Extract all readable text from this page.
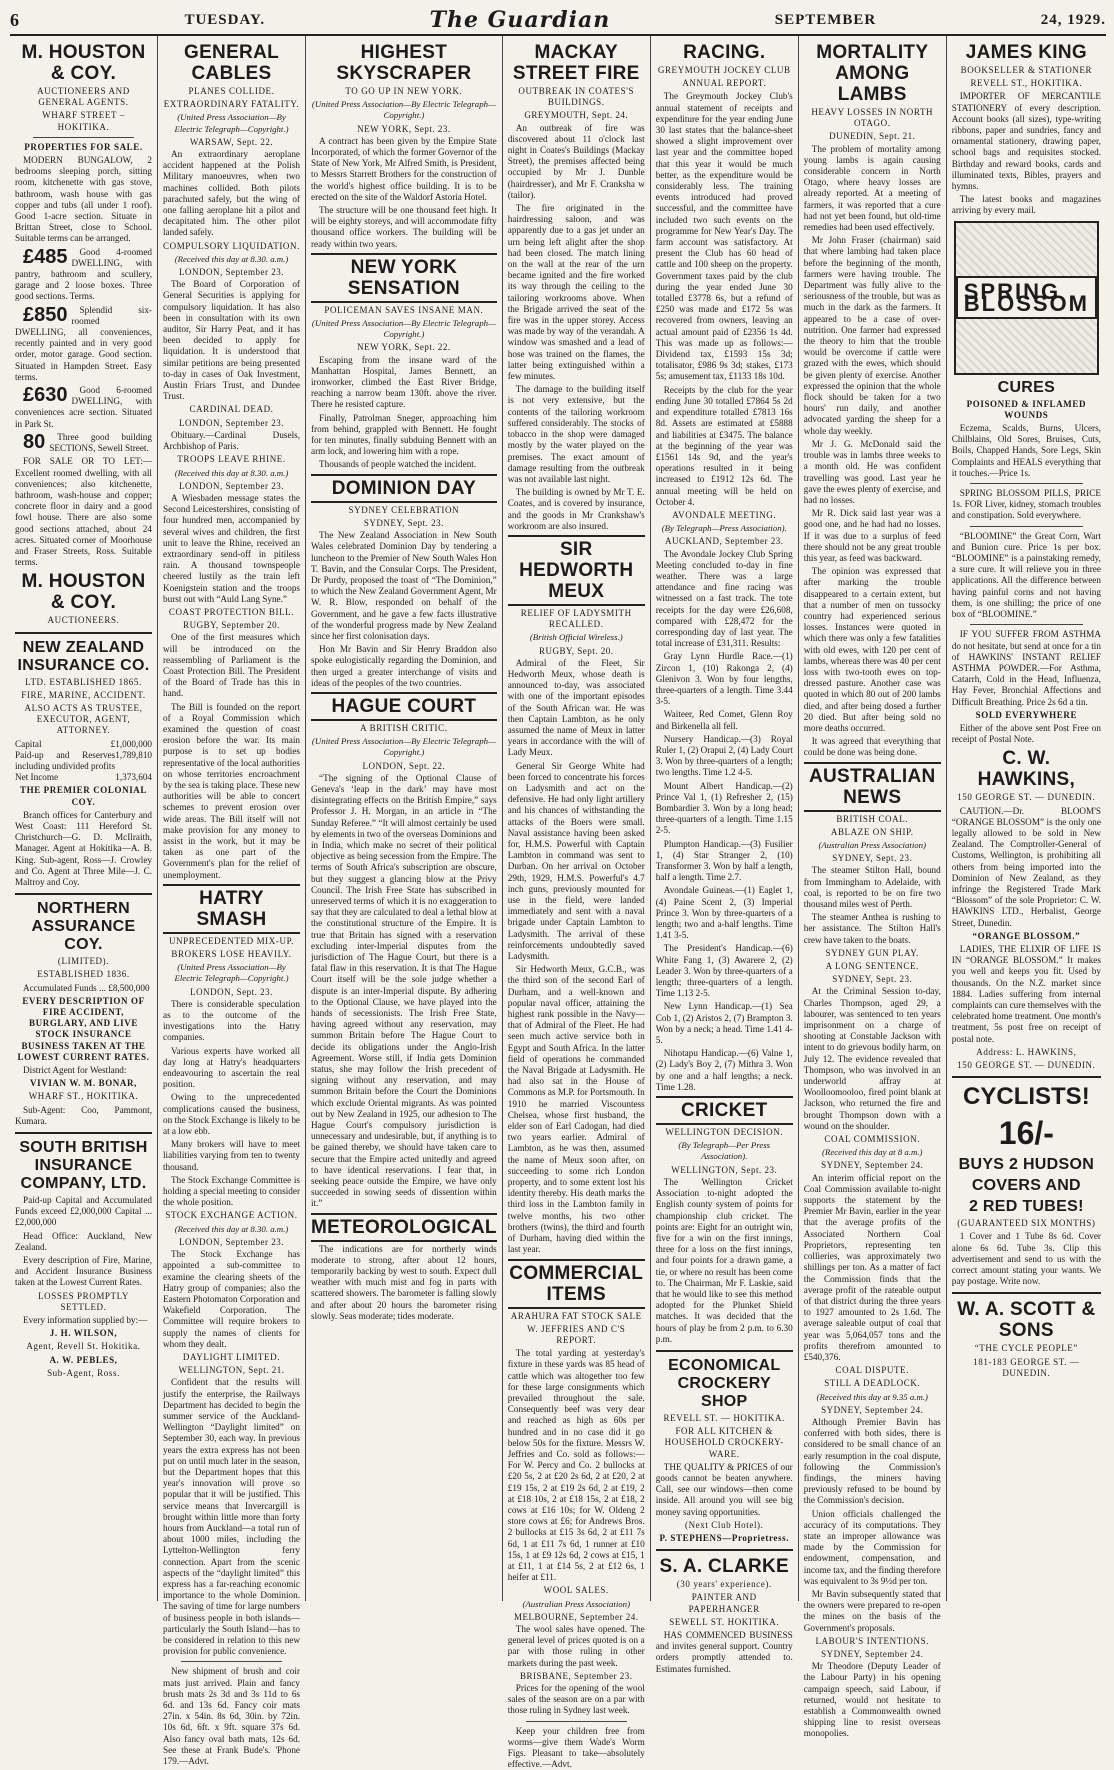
6	TUESDAY.	The Guardian	SEPTEMBER	24, 1929.
M. HOUSTON & COY.
AUCTIONEERS AND GENERAL AGENTS.
WHARF STREET – HOKITIKA.
PROPERTIES FOR SALE.

MODERN BUNGALOW, 2 bedrooms sleeping porch, sitting room, kitchenette with gas stove, bathroom, wash house with gas copper and tubs (all under 1 roof). Good 1-acre section. Situate in Brittan Street, close to School. Suitable terms can be arranged.

£485 Good 4-roomed DWELLING, with pantry, bathroom and scullery, garage and 2 loose boxes. Three good sections. Terms.

£850 Splendid six-roomed DWELLING, all conveniences, recently painted and in very good order, motor garage. Good section. Situated in Hampden Street. Easy terms.

£630 Good 6-roomed DWELLING, with conveniences acre section. Situated in Park St.

80 Three good building SECTIONS, Sewell Street.

FOR SALE OR TO LET:—Excellent roomed dwelling, with all conveniences; also kitchenette, bathroom, wash-house and copper; concrete floor in dairy and a good fowl house. There are also some good sections attached, about 24 acres. Situated corner of Moorhouse and Fraser Streets, Ross. Suitable terms.

M. HOUSTON & COY.
AUCTIONEERS.
NEW ZEALAND INSURANCE CO.
LTD. ESTABLISHED 1865.
FIRE, MARINE, ACCIDENT.
ALSO ACTS AS TRUSTEE, EXECUTOR, AGENT, ATTORNEY.
Capital	£1,000,000
Paid-up and Reserves including undivided profits
1,789,810
Net Income	1,373,604
THE PREMIER COLONIAL COY.

Branch offices for Canterbury and West Coast: 111 Hereford St. Christchurch—G. D. McIlraith, Manager. Agent at Hokitika—A. B. King. Sub-agent, Ross—J. Crowley and Co. Agent at Three Mile—J. C. Maltroy and Coy.

NORTHERN ASSURANCE COY.
(LIMITED).
ESTABLISHED 1836.

Accumulated Funds ... £8,500,000

EVERY DESCRIPTION OF FIRE ACCIDENT, BURGLARY, AND LIVE STOCK INSURANCE BUSINESS TAKEN AT THE LOWEST CURRENT RATES.

District Agent for Westland:

VIVIAN W. M. BONAR,
WHARF ST., HOKITIKA.

Sub-Agent: Coo, Pammont, Kumara.

SOUTH BRITISH INSURANCE COMPANY, LTD.

Paid-up Capital and Accumulated Funds exceed £2,000,000 Capital ... £2,000,000

Head Office: Auckland, New Zealand.

Every description of Fire, Marine, and Accident Insurance Business taken at the Lowest Current Rates.

LOSSES PROMPTLY SETTLED.

Every information supplied by:—

J. H. WILSON,
Agent, Revell St. Hokitika.
A. W. PEBLES,
Sub-Agent, Ross.
GENERAL CABLES
PLANES COLLIDE.
EXTRAORDINARY FATALITY.
(United Press Association—By Electric Telegraph—Copyright.)
WARSAW, Sept. 22.

An extraordinary aeroplane accident happened at the Polish Military manoeuvres, when two machines collided. Both pilots parachuted safely, but the wing of one falling aeroplane hit a pilot and decapitated him. The other pilot landed safely.

COMPULSORY LIQUIDATION.
(Received this day at 8.30. a.m.)
LONDON, September 23.

The Board of Corporation of General Securities is applying for compulsory liquidation. It has also been in consultation with its own auditor, Sir Harry Peat, and it has been decided to apply for liquidation. It is understood that similar petitions are being presented to-day in cases of Oak Investment, Austin Friars Trust, and Dundee Trust.

CARDINAL DEAD.
LONDON, September 23.

Obituary.—Cardinal Dusels, Archbishop of Paris.

TROOPS LEAVE RHINE.
(Received this day at 8.30. a.m.)
LONDON, September 23.

A Wiesbaden message states the Second Leicestershires, consisting of four hundred men, accompanied by several wives and children, the first unit to leave the Rhine, received an extraordinary send-off in pitiless rain. A thousand townspeople cheered lustily as the train left Koenigstein station and the troops burst out with “Auld Lang Syne.”

COAST PROTECTION BILL.
RUGBY, September 20.

One of the first measures which will be introduced on the reassembling of Parliament is the Coast Protection Bill. The President of the Board of Trade has this in hand.

The Bill is founded on the report of a Royal Commission which examined the question of coast erosion before the war. Its main purpose is to set up bodies representative of the local authorities on whose territories encroachment by the sea is taking place. These new authorities will be able to concert schemes to prevent erosion over wide areas. The Bill itself will not make provision for any money to assist in the work, but it may be taken as one part of the Government's plan for the relief of unemployment.

HATRY SMASH
UNPRECEDENTED MIX-UP.
BROKERS LOSE HEAVILY.
(United Press Association—By Electric Telegraph—Copyright.)
LONDON, Sept. 23.

There is considerable speculation as to the outcome of the investigations into the Hatry companies.

Various experts have worked all day long at Hatry's headquarters endeavouring to ascertain the real position.

Owing to the unprecedented complications caused the business, on the Stock Exchange is likely to be at a low ebb.

Many brokers will have to meet liabilities varying from ten to twenty thousand.

The Stock Exchange Committee is holding a special meeting to consider the whole position.

STOCK EXCHANGE ACTION.
(Received this day at 8.30. a.m.)
LONDON, September 23.

The Stock Exchange has appointed a sub-committee to examine the clearing sheets of the Hatry group of companies; also the Eastern Photomaton Corporation and Wakefield Corporation. The Committee will require brokers to supply the names of clients for whom they dealt.

DAYLIGHT LIMITED.
WELLINGTON, Sept. 21.

Confident that the results will justify the enterprise, the Railways Department has decided to begin the summer service of the Auckland-Wellington “Daylight limited” on September 30, each way. In previous years the extra express has not been put on until much later in the season, but the Department hopes that this year's innovation will prove so popular that it will be justified. This service means that Invercargill is brought within little more than forty hours from Auckland—a total run of about 1000 miles, including the Lyttelton-Wellington ferry connection. Apart from the scenic aspects of the “daylight limited” this express has a far-reaching economic importance to the whole Dominion. The saving of time for large numbers of business people in both islands—particularly the South Island—has to be considered in relation to this new provision for public convenience.

New shipment of brush and coir mats just arrived. Plain and fancy brush mats 2s 3d and 3s 11d to 6s 6d. and 13s 6d. Fancy coir mats 27in. x 54in. 8s 6d, 30in. by 72in. 10s 6d, 6ft. x 9ft. square 37s 6d. Also fancy oval bath mats, 12s 6d. See these at Frank Bude's. 'Phone 179.—Advt.

HIGHEST SKYSCRAPER
TO GO UP IN NEW YORK.
(United Press Association—By Electric Telegraph—Copyright.)
NEW YORK, Sept. 23.

A contract has been given by the Empire State Incorporated, of which the former Governor of the State of New York, Mr Alfred Smith, is President, to Messrs Starrett Brothers for the construction of the world's highest office building. It is to be erected on the site of the Waldorf Astoria Hotel.

The structure will be one thousand feet high. It will be eighty storeys, and will accommodate fifty thousand office workers. The building will be ready within two years.

NEW YORK SENSATION
POLICEMAN SAVES INSANE MAN.
(United Press Association—By Electric Telegraph—Copyright.)
NEW YORK, Sept. 22.

Escaping from the insane ward of the Manhattan Hospital, James Bennett, an ironworker, climbed the East River Bridge, reaching a narrow beam 130ft. above the river. There he resisted capture.

Finally, Patrolman Sneger, approaching him from behind, grappled with Bennett. He fought for ten minutes, finally subduing Bennett with an arm lock, and lowering him with a rope.

Thousands of people watched the incident.

DOMINION DAY
SYDNEY CELEBRATION
SYDNEY, Sept. 23.

The New Zealand Association in New South Wales celebrated Dominion Day by tendering a luncheon to the Premier of New South Wales Hon T. Bavin, and the Consular Corps. The President, Dr Purdy, proposed the toast of “The Dominion,” to which the New Zealand Government Agent, Mr W. R. Blow, responded on behalf of the Government, and he gave a few facts illustrative of the wonderful progress made by New Zealand since her first colonisation days.

Hon Mr Bavin and Sir Henry Braddon also spoke eulogistically regarding the Dominion, and then urged a greater interchange of visits and ideas of the peoples of the two countries.

HAGUE COURT
A BRITISH CRITIC.
(United Press Association—By Electric Telegraph—Copyright.)
LONDON, Sept. 22.

“The signing of the Optional Clause of Geneva's ‘leap in the dark’ may have most disintegrating effects on the British Empire,” says Professor J. H. Morgan, in an article in “The Sunday Referee.” “It will almost certainly be used by elements in two of the overseas Dominions and in India, which make no secret of their political objective as being secession from the Empire. The terms of South Africa's subscription are obscure, but they suggest a glancing blow at the Privy Council. The Irish Free State has subscribed in unreserved terms of which it is no exaggeration to say that they are calculated to deal a lethal blow at the constitutional structure of the Empire. It is true that Britain has signed with a reservation excluding inter-Imperial disputes from the jurisdiction of The Hague Court, but there is a fatal flaw in this reservation. It is that The Hague Court itself will be the sole judge whether a dispute is an inter-Imperial dispute. By adhering to the Optional Clause, we have played into the hands of secessionists. The Irish Free State, having agreed without any reservation, may summon Britain before The Hague Court to decide its obligations under the Anglo-Irish Agreement. Worse still, if India gets Dominion status, she may follow the Irish precedent of signing without any reservation, and may summon Britain before the Court the Dominions which exclude Oriental migrants. As was pointed out by New Zealand in 1925, our adhesion to The Hague Court's compulsory jurisdiction is unnecessary and undesirable, but, if anything is to be gained thereby, we should have taken care to secure that the Empire acted unitedly and agreed to have identical reservations. I fear that, in seeking peace outside the Empire, we have only succeeded in sowing seeds of dissention within it.”

METEOROLOGICAL

The indications are for northerly winds moderate to strong, after about 12 hours, temporarily backing by west to south. Expect dull weather with much mist and fog in parts with scattered showers. The barometer is falling slowly and after about 20 hours the barometer rising slowly. Seas moderate; tides moderate.

MACKAY STREET FIRE
OUTBREAK IN COATES'S BUILDINGS.
GREYMOUTH, Sept. 24.

An outbreak of fire was discovered about 11 o'clock last night in Coates's Buildings (Mackay Street), the premises affected being occupied by Mr J. Dunble (hairdresser), and Mr F. Cranksha w (tailor).

The fire originated in the hairdressing saloon, and was apparently due to a gas jet under an urn being left alight after the shop had been closed. The match lining on the wall at the rear of the urn became ignited and the fire worked its way through the ceiling to the tailoring workrooms above. When the Brigade arrived the seat of the fire was in the upper storey. Access was made by way of the verandah. A window was smashed and a lead of hose was trained on the flames, the latter being extinguished within a few minutes.

The damage to the building itself is not very extensive, but the contents of the tailoring workroom suffered considerably. The stocks of tobacco in the shop were damaged mostly by the water played on the premises. The exact amount of damage resulting from the outbreak was not available last night.

The building is owned by Mr T. E. Coates, and is covered by insurance, and the goods in Mr Crankshaw's workroom are also insured.

SIR HEDWORTH MEUX
RELIEF OF LADYSMITH RECALLED.
(British Official Wireless.)
RUGBY, Sept. 20.

Admiral of the Fleet, Sir Hedworth Meux, whose death is announced to-day, was associated with one of the important episodes of the South African war. He was then Captain Lambton, as he only assumed the name of Meux in latter years in accordance with the will of Lady Meux.

General Sir George White had been forced to concentrate his forces on Ladysmith and act on the defensive. He had only light artillery and his chances of withstanding the attacks of the Boers were small. Naval assistance having been asked for, H.M.S. Powerful with Captain Lambton in command was sent to Durban. On her arrival on October 29th, 1929, H.M.S. Powerful's 4.7 inch guns, previously mounted for use in the field, were landed immediately and sent with a naval brigade under Captain Lambton to Ladysmith. The arrival of these reinforcements undoubtedly saved Ladysmith.

Sir Hedworth Meux, G.C.B., was the third son of the second Earl of Durham, and a well-known and popular naval officer, attaining the highest rank possible in the Navy—that of Admiral of the Fleet. He had seen much active service both in Egypt and South Africa. In the latter field of operations he commanded the Naval Brigade at Ladysmith. He had also sat in the House of Commons as M.P. for Portsmouth. In 1910 he married Viscountess Chelsea, whose first husband, the elder son of Earl Cadogan, had died two years earlier. Admiral of Lambton, as he was then, assumed the name of Meux soon after, on succeeding to some rich London property, and to some extent lost his identity thereby. His death marks the third loss in the Lambton family in twelve months, his two other brothers (twins), the third and fourth of Durham, having died within the last year.

COMMERCIAL ITEMS
ARAHURA FAT STOCK SALE
W. JEFFRIES AND C'S REPORT.

The total yarding at yesterday's fixture in these yards was 85 head of cattle which was altogether too few for these large consignments which prevailed throughout the sale. Consequently beef was very dear and reached as high as 60s per hundred and in no case did it go below 50s for the fixture. Messrs W. Jeffries and Co. sold as follows:—For W. Percy and Co. 2 bullocks at £20 5s, 2 at £20 2s 6d, 2 at £20, 2 at £19 15s, 2 at £19 2s 6d, 2 at £19, 2 at £18 10s, 2 at £18 15s, 2 at £18, 2 cows at £16 10s; for W. Oldeng 2 store cows at £6; for Andrews Bros. 2 bullocks at £15 3s 6d, 2 at £11 7s 6d, 1 at £11 7s 6d, 1 runner at £10 15s, 1 at £9 12s 6d, 2 cows at £15, 1 at £11, 1 at £14 5s, 2 at £12 6s, 1 heifer at £11.

WOOL SALES.
(Australian Press Association)
MELBOURNE, September 24.

The wool sales have opened. The general level of prices quoted is on a par with those ruling in other markets during the past week.

BRISBANE, September 23.

Prices for the opening of the wool sales of the season are on a par with those ruling in Sydney last week.

Keep your children free from worms—give them Wade's Worm Figs. Pleasant to take—absolutely effective.—Advt.

RACING.
GREYMOUTH JOCKEY CLUB
ANNUAL REPORT.

The Greymouth Jockey Club's annual statement of receipts and expenditure for the year ending June 30 last states that the balance-sheet showed a slight improvement over last year and the committee hoped that this year it would be much better, as the expenditure would be considerably less. The training events introduced had proved successful, and the committee have included two such events on the programme for New Year's Day. The farm account was satisfactory. At present the Club has 60 head of cattle and 100 sheep on the property. Government taxes paid by the club during the year ended June 30 totalled £3778 6s, but a refund of £250 was made and £172 5s was recovered from owners, leaving an actual amount paid of £2356 1s 4d. This was made up as follows:—Dividend tax, £1593 15s 3d; totalisator, £986 9s 3d; stakes, £173 5s; amusement tax, £1133 18s 10d.

Receipts by the club for the year ending June 30 totalled £7864 5s 2d and expenditure totalled £7813 16s 8d. Assets are estimated at £5888 and liabilities at £3475. The balance at the beginning of the year was £1561 14s 9d, and the year's operations resulted in it being increased to £1912 12s 6d. The annual meeting will be held on October 4.

AVONDALE MEETING.
(By Telegraph—Press Association).
AUCKLAND, September 23.

The Avondale Jockey Club Spring Meeting concluded to-day in fine weather. There was a large attendance and fine racing was witnessed on a fast track. The tote receipts for the day were £26,608, compared with £28,472 for the corresponding day of last year. The total increase of £31,311. Results:

Gray Lynn Hurdle Race.—(1) Zircon 1, (10) Rakonga 2, (4) Glenivon 3. Won by four lengths, three-quarters of a length. Time 3.44 3-5.

Waiteer, Red Comet, Glenn Roy and Birkenella all fell.

Nursery Handicap.—(3) Royal Ruler 1, (2) Orapui 2, (4) Lady Court 3. Won by three-quarters of a length; two lengths. Time 1.2 4-5.

Mount Albert Handicap.—(2) Prince Val 1, (1) Refresher 2, (15) Bombardier 3. Won by a long head; three-quarters of a length. Time 1.15 2-5.

Plumpton Handicap.—(3) Fusilier 1, (4) Star Stranger 2, (10) Transformer 3. Won by half a length, half a length. Time 2.7.

Avondale Guineas.—(1) Eaglet 1, (4) Paine Scent 2, (3) Imperial Prince 3. Won by three-quarters of a length; two and a-half lengths. Time 1.41 3-5.

The President's Handicap.—(6) White Fang 1, (3) Awarere 2, (2) Leader 3. Won by three-quarters of a length; three-quarters of a length. Time 1.13 2-5.

New Lynn Handicap.—(1) Sea Cob 1, (2) Aristos 2, (7) Brampton 3. Won by a neck; a head. Time 1.41 4-5.

Nihotapu Handicap.—(6) Valne 1, (2) Lady's Boy 2, (7) Mithra 3. Won by one and a half lengths; a neck. Time 1.28.

CRICKET
WELLINGTON DECISION.
(By Telegraph—Per Press Association).
WELLINGTON, Sept. 23.

The Wellington Cricket Association to-night adopted the English county system of points for championship club cricket. The points are: Eight for an outright win, five for a win on the first innings, three for a loss on the first innings, and four points for a drawn game, a tie, or where no result has been come to. The Chairman, Mr F. Laskie, said that he would like to see this method adopted for the Plunket Shield matches. It was decided that the hours of play be from 2 p.m. to 6.30 p.m.

ECONOMICAL CROCKERY SHOP
REVELL ST. — HOKITIKA.
FOR ALL KITCHEN & HOUSEHOLD CROCKERY-WARE.

THE QUALITY & PRICES of our goods cannot be beaten anywhere. Call, see our windows—then come inside. All around you will see big money saving opportunities.

(Next Club Hotel).
P. STEPHENS—Proprietress.
S. A. CLARKE
(30 years' experience).
PAINTER AND PAPERHANGER
SEWELL ST. HOKITIKA.

HAS COMMENCED BUSINESS and invites general support. Country orders promptly attended to. Estimates furnished.

MORTALITY AMONG LAMBS
HEAVY LOSSES IN NORTH OTAGO.
DUNEDIN, Sept. 21.

The problem of mortality among young lambs is again causing considerable concern in North Otago, where heavy losses are already reported. At a meeting of farmers, it was reported that a cure had not yet been found, but old-time remedies had been used effectively.

Mr John Fraser (chairman) said that where lambing had taken place before the beginning of the month, farmers were having trouble. The Department was fully alive to the seriousness of the trouble, but was as much in the dark as the farmers. It appeared to be a case of over-nutrition. One farmer had expressed the theory to him that the trouble would be overcome if cattle were grazed with the ewes, which should be given plenty of exercise. Another expressed the opinion that the whole flock should be taken for a two hours' run daily, and another advocated yarding the sheep for a whole day weekly.

Mr J. G. McDonald said the trouble was in lambs three weeks to a month old. He was confident travelling was good. Last year he gave the ewes plenty of exercise, and had no losses.

Mr R. Dick said last year was a good one, and he had had no losses. If it was due to a surplus of feed there should not be any great trouble this year, as feed was backward.

The opinion was expressed that after marking the trouble disappeared to a certain extent, but that a number of men on tussocky country had experienced serious losses. Instances were quoted in which there was only a few fatalities with old ewes, with 120 per cent of lambs, whereas there was 40 per cent loss with two-tooth ewes on top-dressed pasture. Another case was quoted in which 80 out of 200 lambs died, and after being dosed a further 20 died. But after being sold no more deaths occurred.

It was agreed that everything that could be done was being done.

AUSTRALIAN NEWS
BRITISH COAL.
ABLAZE ON SHIP.
(Australian Press Association)
SYDNEY, Sept. 23.

The steamer Stilton Hall, bound from Immingham to Adelaide, with coal, is reported to be on fire two thousand miles west of Perth.

The steamer Anthea is rushing to her assistance. The Stilton Hall's crew have taken to the boats.

SYDNEY GUN PLAY.
A LONG SENTENCE.
SYDNEY, Sept. 23.

At the Criminal Session to-day, Charles Thompson, aged 29, a labourer, was sentenced to ten years imprisonment on a charge of shooting at Constable Jackson with intent to do grievous bodily harm, on July 12. The evidence revealed that Thompson, who was involved in an underworld affray at Woolloomooloo, fired point blank at Jackson, who returned the fire and brought Thompson down with a wound on the shoulder.

COAL COMMISSION.
(Received this day at 8 a.m.)
SYDNEY, September 24.

An interim official report on the Coal Commission available to-night supports the statement by the Premier Mr Bavin, earlier in the year that the average profits of the Associated Northern Coal Proprietors, representing ten collieries, was approximately two shillings per ton. As a matter of fact the Commission finds that the average profit of the rateable output of that district during the three years to 1927 amounted to 2s 1.6d. The average saleable output of coal that year was 5,064,057 tons and the profits therefrom amounted to £540,376.

COAL DISPUTE.
STILL A DEADLOCK.
(Received this day at 9.35 a.m.)
SYDNEY, September 24.

Although Premier Bavin has conferred with both sides, there is considered to be small chance of an early resumption in the coal dispute, following the Commission's findings, the miners having previously refused to be bound by the Commission's decision.

Union officials challenged the accuracy of its computations. They state an improper allowance was made by the Commission for endowment, compensation, and income tax, and the finding therefore was equivalent to 3s 9½d per ton.

Mr Bavin subsequently stated that the owners were prepared to re-open the mines on the basis of the Government's proposals.

LABOUR'S INTENTIONS.
SYDNEY, September 24.

Mr Theodore (Deputy Leader of the Labour Party) in his opening campaign speech, said Labour, if returned, would not hesitate to establish a Commonwealth owned shipping line to resist overseas monopolies.

JAMES KING
BOOKSELLER & STATIONER
REVELL ST., HOKITIKA.

IMPORTER OF MERCANTILE STATIONERY of every description. Account books (all sizes), type-writing ribbons, paper and sundries, fancy and ornamental stationery, drawing paper, school bags and requisites stocked. Birthday and reward books, cards and illuminated texts, Bibles, prayers and hymns.

The latest books and magazines arriving by every mail.

SPRING BLOSSOM
CURES
POISONED & INFLAMED WOUNDS

Eczema, Scalds, Burns, Ulcers, Chilblains, Old Sores, Bruises, Cuts, Boils, Chapped Hands, Sore Legs, Skin Complaints and HEALS everything that it touches.—Price 1s.

SPRING BLOSSOM PILLS, PRICE 1s. FOR Liver, kidney, stomach troubles and constipation. Sold everywhere.

“BLOOMINE” the Great Corn, Wart and Bunion cure. Price 1s per box. “BLOOMINE” is a painstaking remedy, a sure cure. It will relieve you in three applications. All the difference between having painful corns and not having them, is one shilling; the price of one box of “BLOOMINE.”

IF YOU SUFFER FROM ASTHMA do not hesitate, but send at once for a tin of HAWKINS' INSTANT RELIEF ASTHMA POWDER.—For Asthma, Catarrh, Cold in the Head, Influenza, Hay Fever, Bronchial Affections and Difficult Breathing. Price 2s 6d a tin.

SOLD EVERYWHERE

Either of the above sent Post Free on receipt of Postal Note.

C. W. HAWKINS,
150 GEORGE ST. — DUNEDIN.

CAUTION.—Dr. BLOOM'S “ORANGE BLOSSOM” is the only one legally allowed to be sold in New Zealand. The Comptroller-General of Customs, Wellington, is prohibiting all others from being imported into the Dominion of New Zealand, as they infringe the Registered Trade Mark “Blossom” of the sole Proprietor: C. W. HAWKINS LTD., Herbalist, George Street, Dunedin.

“ORANGE BLOSSOM.”

LADIES, THE ELIXIR OF LIFE IS IN “ORANGE BLOSSOM.” It makes you well and keeps you fit. Used by thousands. On the N.Z. market since 1884. Ladies suffering from internal complaints can cure themselves with the celebrated home treatment. One month's treatment, 5s post free on receipt of postal note.

Address: L. HAWKINS,
150 GEORGE ST. — DUNEDIN.
CYCLISTS!
16/-
BUYS 2 HUDSON
COVERS AND
2 RED TUBES!
(GUARANTEED SIX MONTHS)

1 Cover and 1 Tube 8s 6d. Cover alone 6s 6d. Tube 3s. Clip this advertisement and send to us with the correct amount stating your wants. We pay postage. Write now.

W. A. SCOTT & SONS
“THE CYCLE PEOPLE”
181-183 GEORGE ST. — DUNEDIN.
